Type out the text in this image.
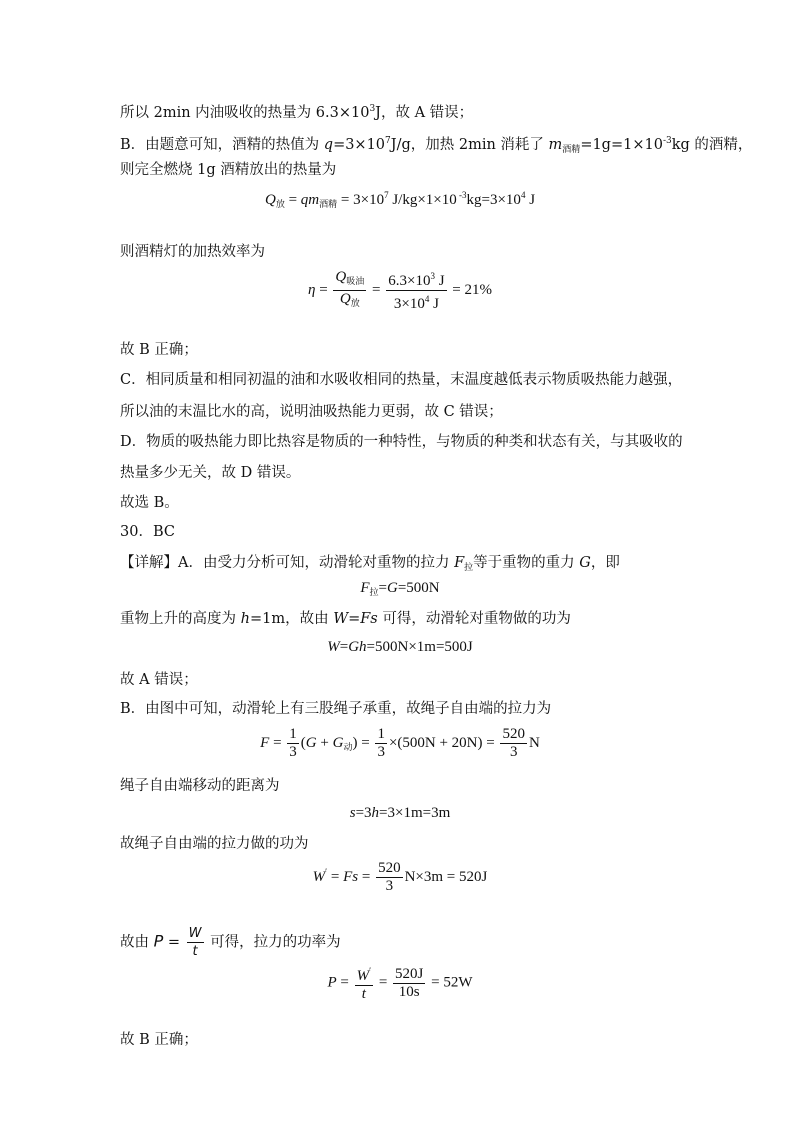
所以 2min 内油吸收的热量为 $6.3\times 10^3J$，故 A 错误；
B．由题意可知，酒精的热值为 $q=3\times 10^7J/g$，加热 2min 消耗了 $m_{酒精}=1g=1\times 10^{-3}kg$ 的酒精，
则完全燃烧 1g 酒精放出的热量为
$Q_放 = qm_{酒精} = 3\times 10^7$ J/kg×1×10 $^{-3}kg=3\times 10^4$ J
则酒精灯的加热效率为
$\eta = \frac{Q_{吸油}}{Q_放} = \frac{6.3\times 10^3 J}{3\times 10^4 J} = 21\%$
故 B 正确；
C．相同质量和相同初温的油和水吸收相同的热量，末温度越低表示物质吸热能力越强，
所以油的末温比水的高，说明油吸热能力更弱，故 C 错误；
D．物质的吸热能力即比热容是物质的一种特性，与物质的种类和状态有关，与其吸收的
热量多少无关，故 D 错误。
故选 B。
30．BC
【详解】A．由受力分析可知，动滑轮对重物的拉力 $F_拉$等于重物的重力 G，即
$F_拉=G=500N$
重物上升的高度为 h=1m，故由 W=Fs 可得，动滑轮对重物做的功为
W=Gh=500N×1m=500J
故 A 错误；
B．由图中可知，动滑轮上有三股绳子承重，故绳子自由端的拉力为
$F = \frac{1}{3} (G + G_动) = \frac{1}{3} \times(500N + 20N) = \frac{520}{3}$ N
绳子自由端移动的距离为
s=3h=3×1m=3m
故绳子自由端的拉力做的功为
$W' = Fs = \frac{520}{3} N\times 3m = 520J$
故由 $P = \frac{W}{t}$ 可得，拉力的功率为
$P = \frac{W'}{t} = \frac{520J}{10s} = 52W$
故 B 正确；
